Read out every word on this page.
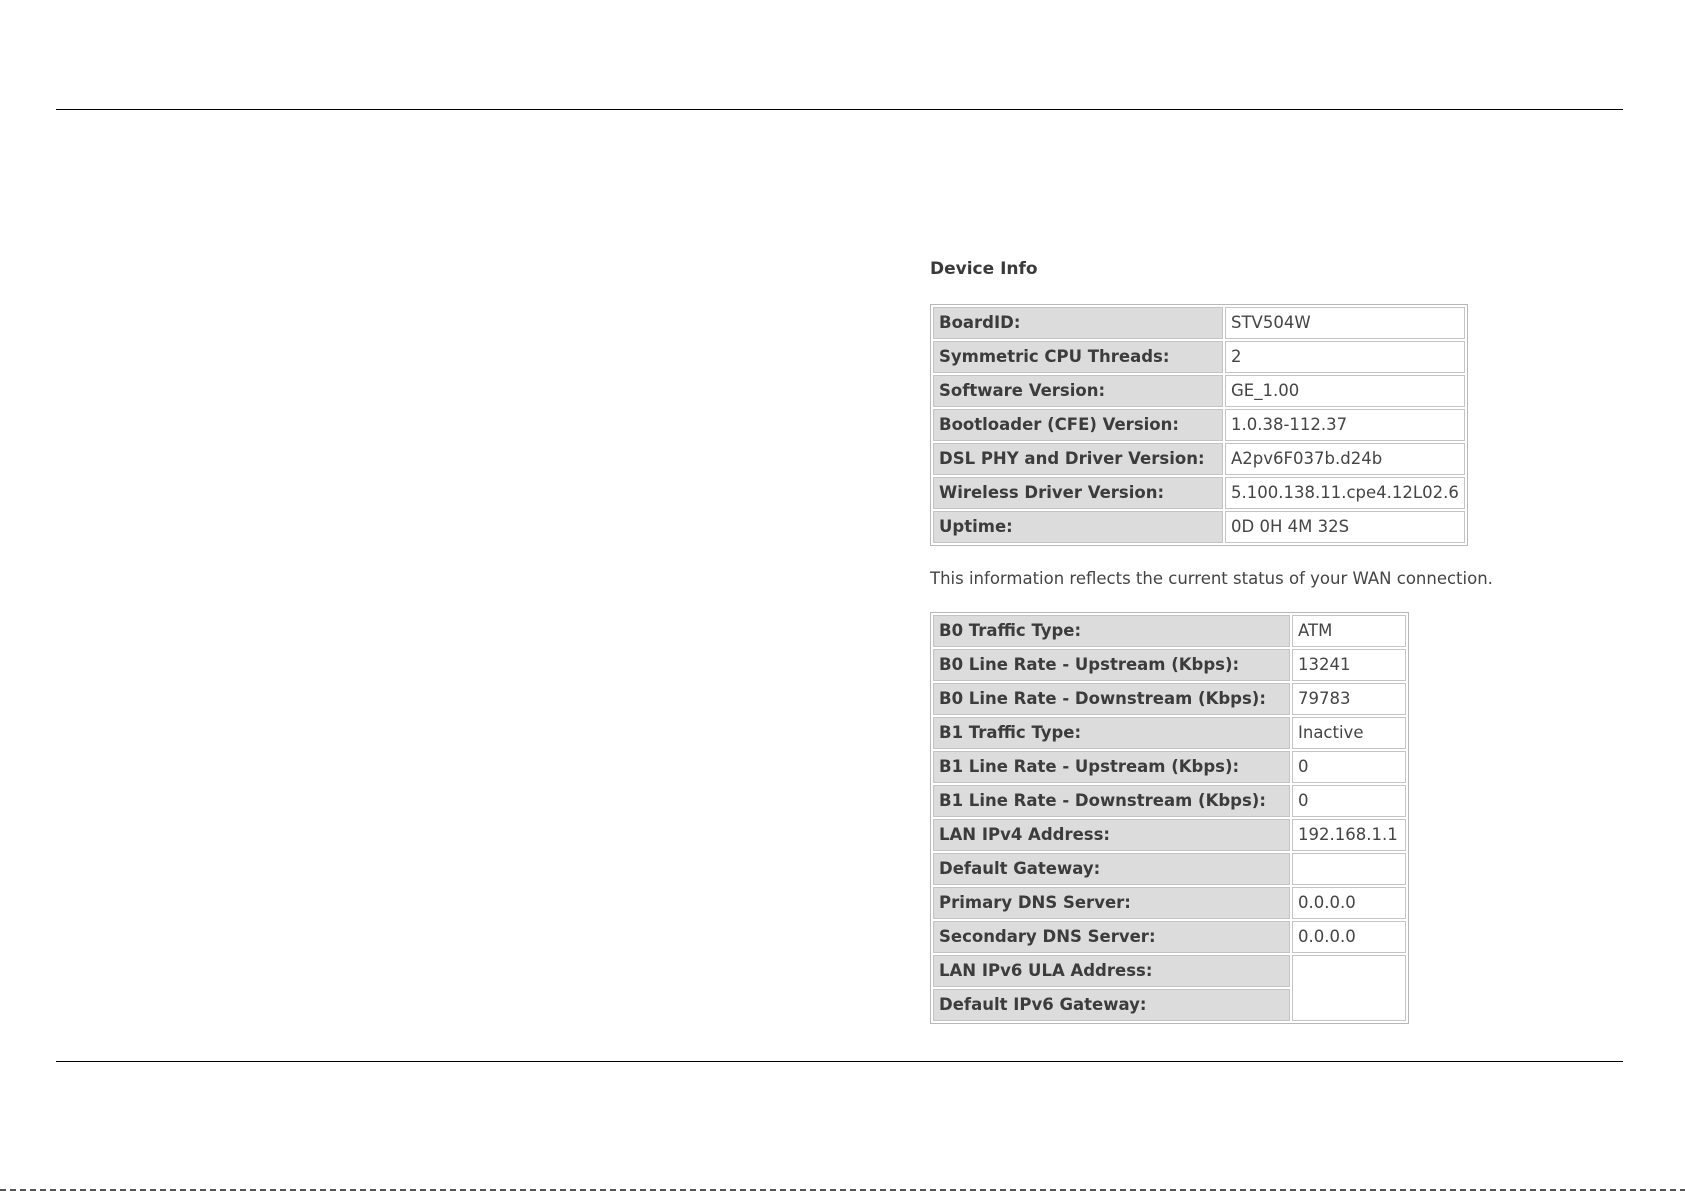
Device Info
BoardID:	STV504W
Symmetric CPU Threads:	2
Software Version:	GE_1.00
Bootloader (CFE) Version:	1.0.38-112.37
DSL PHY and Driver Version:	A2pv6F037b.d24b
Wireless Driver Version:	5.100.138.11.cpe4.12L02.6
Uptime:	0D 0H 4M 32S
This information reflects the current status of your WAN connection.
B0 Traffic Type:	ATM
B0 Line Rate - Upstream (Kbps):	13241
B0 Line Rate - Downstream (Kbps):	79783
B1 Traffic Type:	Inactive
B1 Line Rate - Upstream (Kbps):	0
B1 Line Rate - Downstream (Kbps):	0
LAN IPv4 Address:	192.168.1.1
Default Gateway:	
Primary DNS Server:	0.0.0.0
Secondary DNS Server:	0.0.0.0
LAN IPv6 ULA Address:	
Default IPv6 Gateway:	
